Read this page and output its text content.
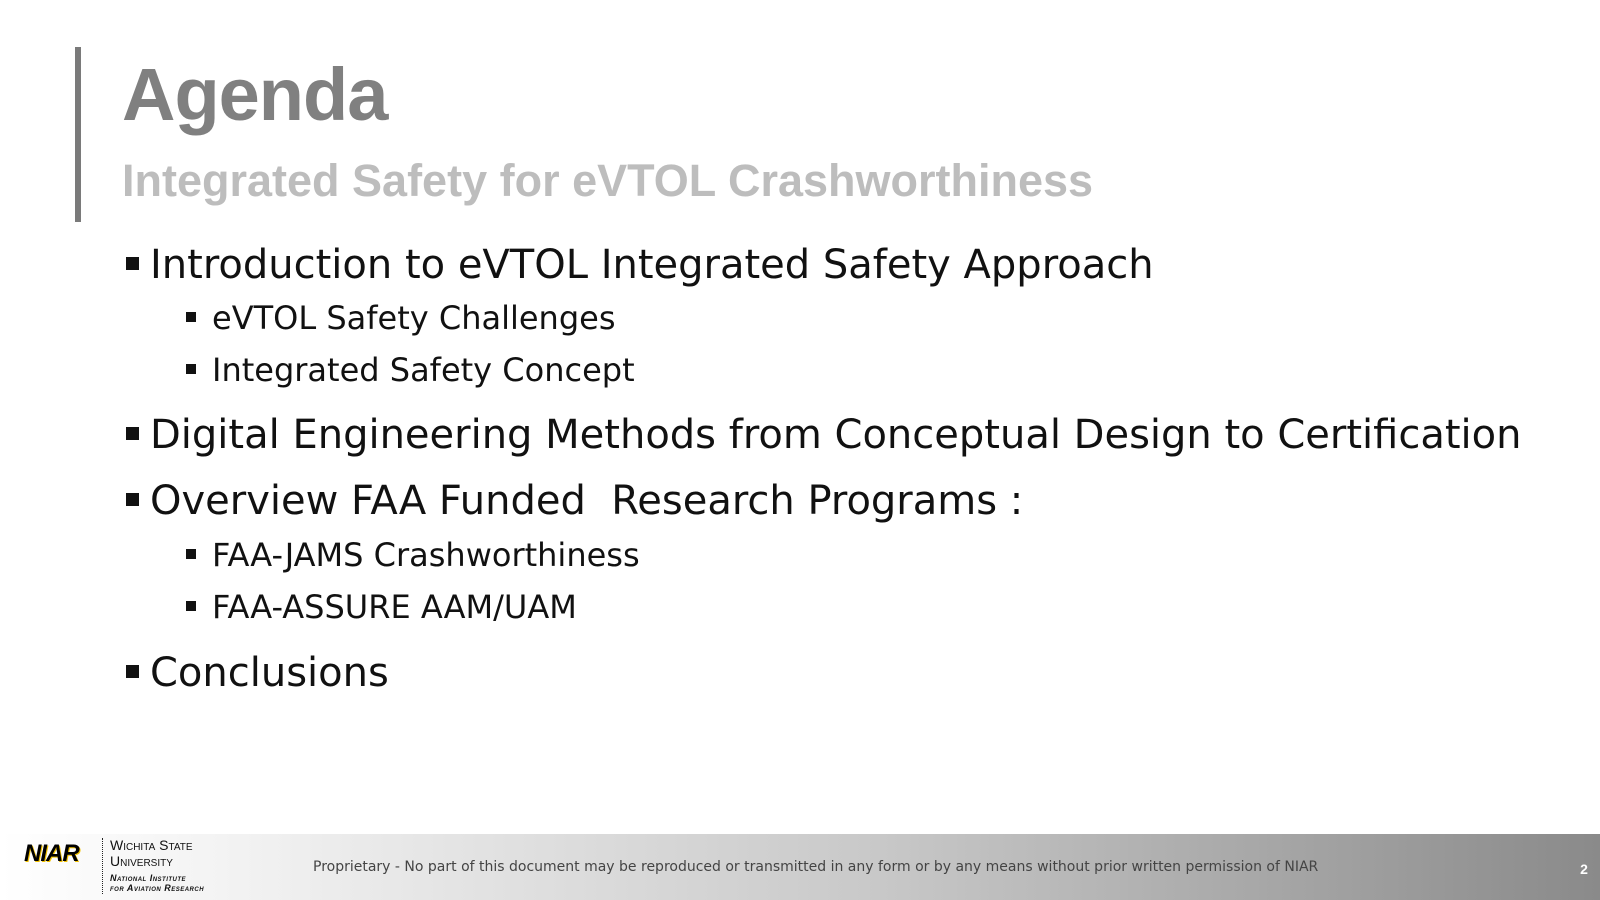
Agenda
Integrated Safety for eVTOL Crashworthiness
Introduction to eVTOL Integrated Safety Approach
eVTOL Safety Challenges
Integrated Safety Concept
Digital Engineering Methods from Conceptual Design to Certification
Overview FAA Funded  Research Programs :
FAA-JAMS Crashworthiness
FAA-ASSURE AAM/UAM
Conclusions
NIAR Wichita State
University
National Institute
for Aviation Research
Proprietary - No part of this document may be reproduced or transmitted in any form or by any means without prior written permission of NIAR	2
